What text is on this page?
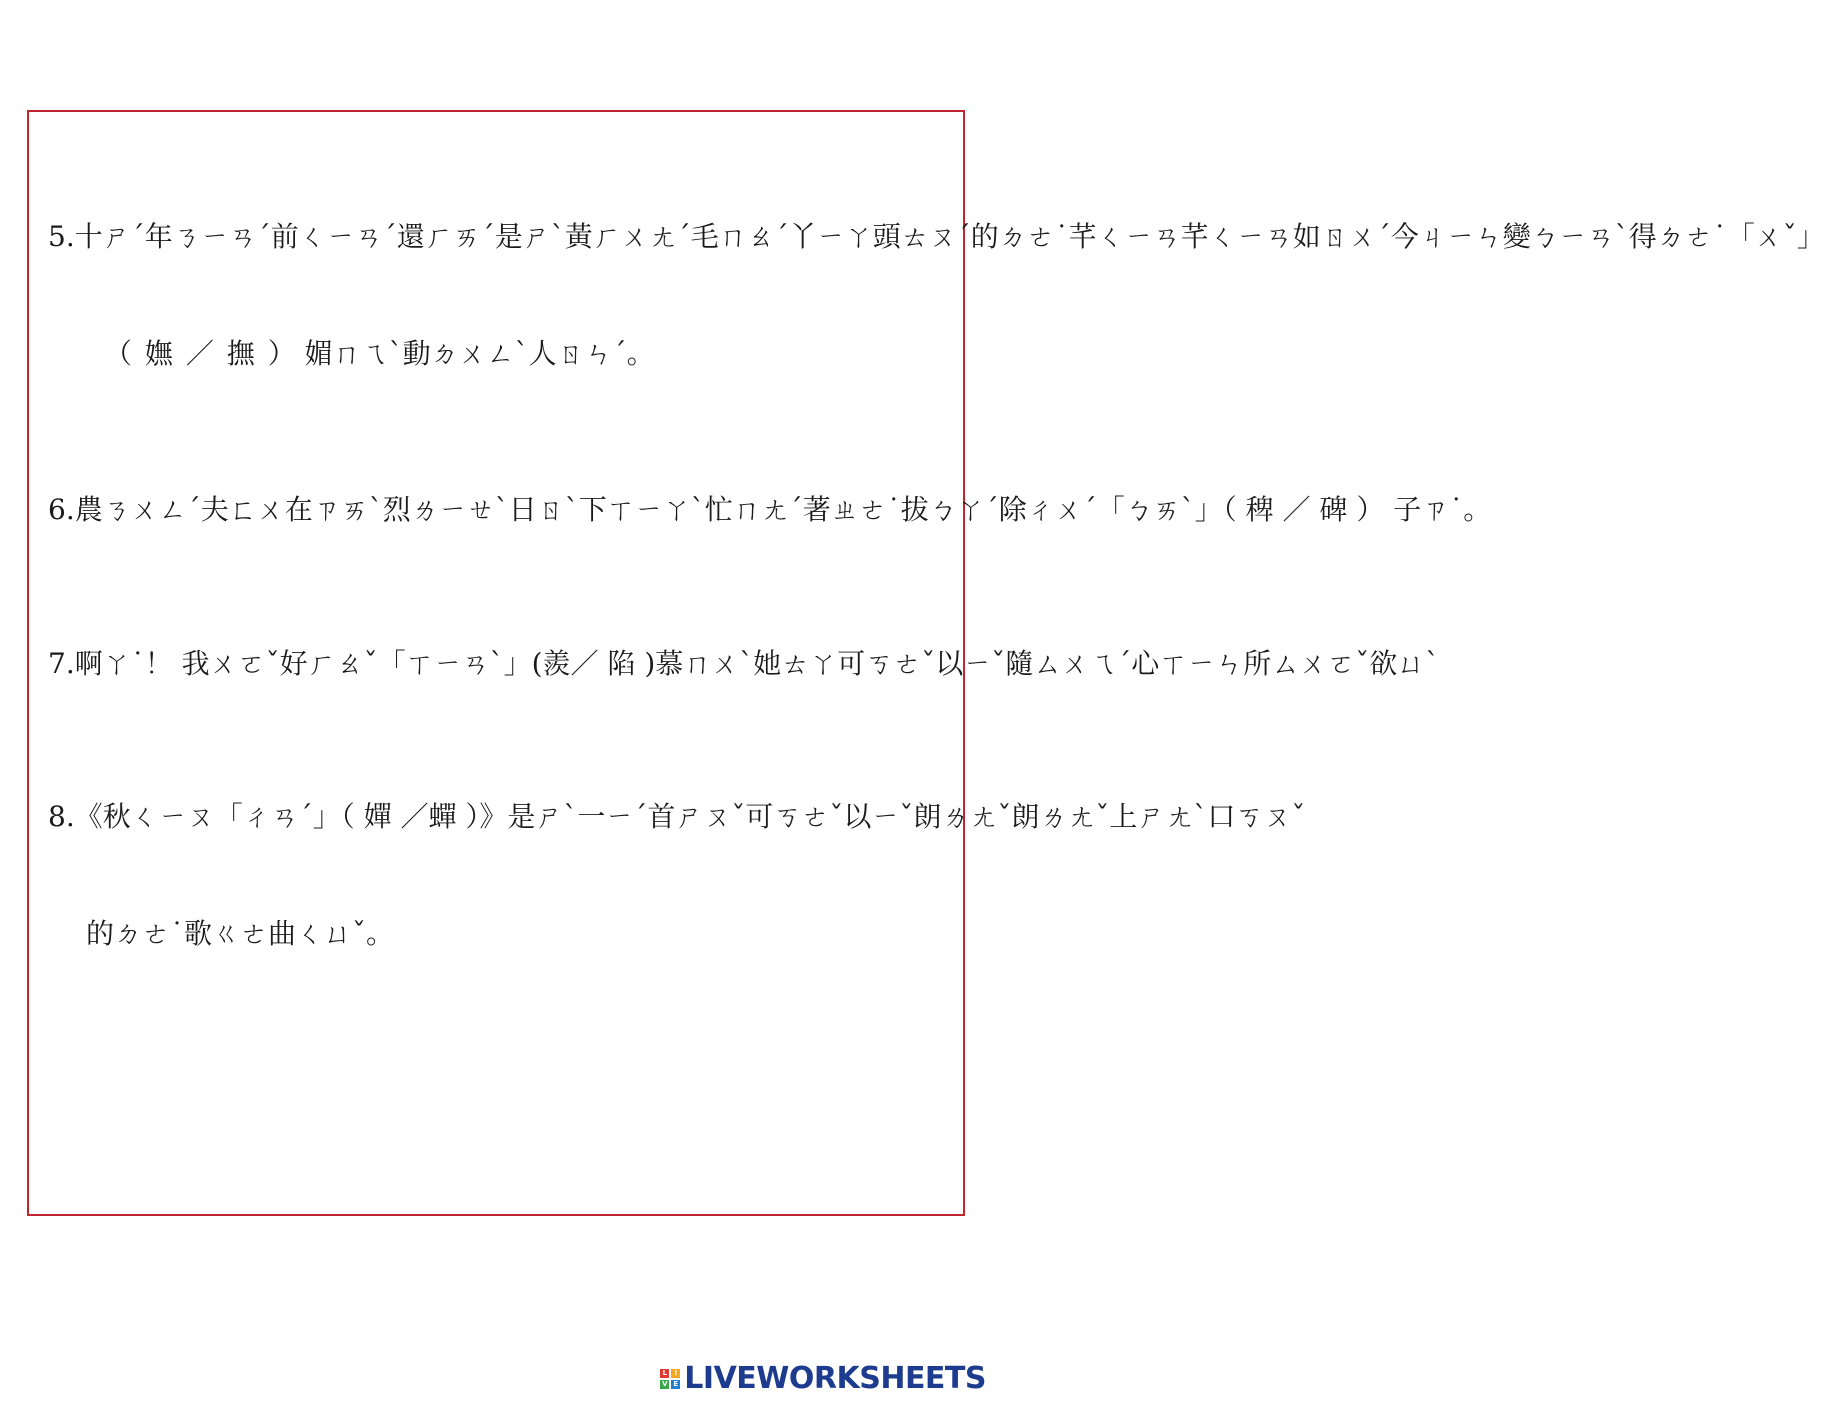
5.十ㄕˊ年ㄋㄧㄢˊ前ㄑㄧㄢˊ還ㄏㄞˊ是ㄕˋ黃ㄏㄨㄤˊ毛ㄇㄠˊ丫ㄧㄚ頭ㄊㄡˊ的ㄉㄜ˙芊ㄑㄧㄢ芊ㄑㄧㄢ如ㄖㄨˊ今ㄐㄧㄣ變ㄅㄧㄢˋ得ㄉㄜ˙「ㄨˇ」
（ 嫵 ／ 撫 ） 媚ㄇㄟˋ動ㄉㄨㄥˋ人ㄖㄣˊ。
6.農ㄋㄨㄥˊ夫ㄈㄨ在ㄗㄞˋ烈ㄌㄧㄝˋ日ㄖˋ下ㄒㄧㄚˋ忙ㄇㄤˊ著ㄓㄜ˙拔ㄅㄚˊ除ㄔㄨˊ「ㄅㄞˋ」（ 稗 ／ 碑 ） 子ㄗ˙。
7.啊ㄚ˙！ 我ㄨㄛˇ好ㄏㄠˇ「ㄒㄧㄢˋ」(羨／ 陷 )慕ㄇㄨˋ她ㄊㄚ可ㄎㄜˇ以ㄧˇ隨ㄙㄨㄟˊ心ㄒㄧㄣ所ㄙㄨㄛˇ欲ㄩˋ
8.《秋ㄑㄧㄡ「ㄔㄢˊ」（ 嬋 ／蟬 ）》是ㄕˋ一ㄧˊ首ㄕㄡˇ可ㄎㄜˇ以ㄧˇ朗ㄌㄤˇ朗ㄌㄤˇ上ㄕㄤˋ口ㄎㄡˇ
的ㄉㄜ˙歌ㄍㄜ曲ㄑㄩˇ。
L	I
V E LIVEWORKSHEETS
